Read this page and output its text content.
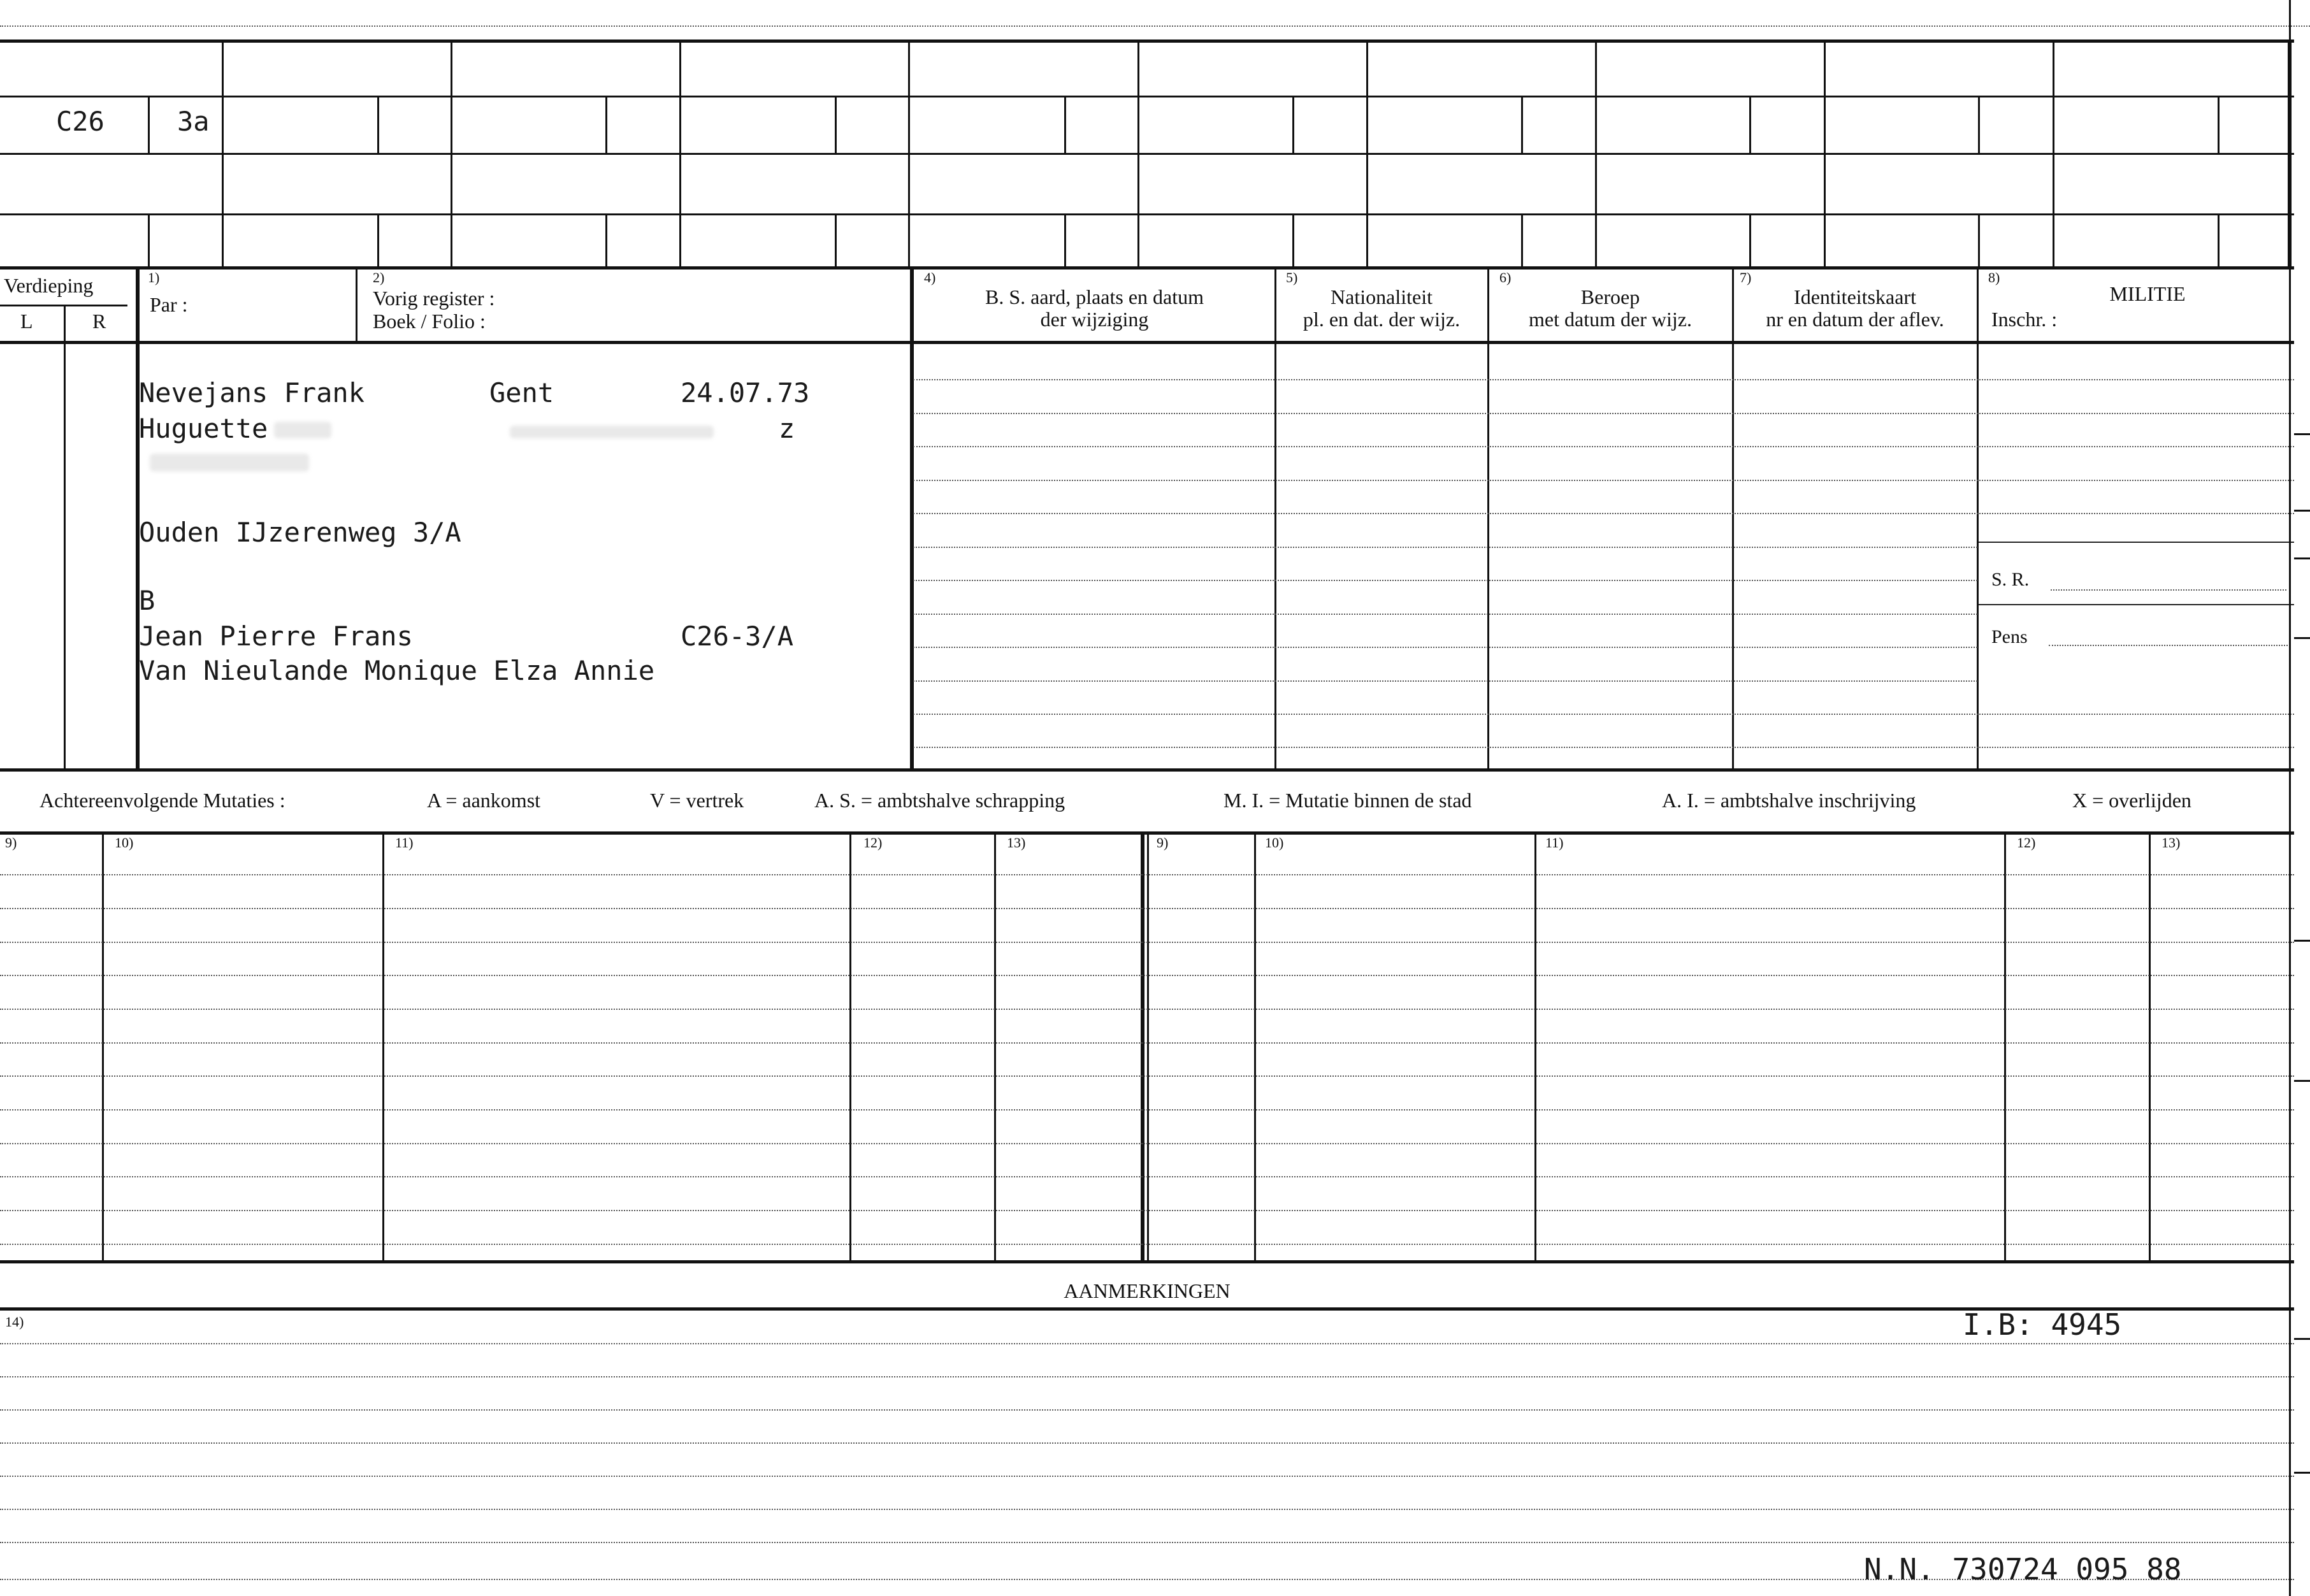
C26	3a
Verdieping
L	R
1)
Par :
2)
Vorig register :
Boek / Folio :
4)
B. S. aard, plaats en datum
der wijziging
5)
Nationaliteit
pl. en dat. der wijz.
6)
Beroep
met datum der wijz.
7)
Identiteitskaart
nr en datum der aflev.
8)
MILITIE
Inschr. :
S. R.
Pens
Nevejans Frank	Gent	24.07.73
Huguette	z
Ouden IJzerenweg 3/A
B
Jean Pierre Frans	C26-3/A
Van Nieulande Monique Elza Annie
Achtereenvolgende Mutaties :	A = aankomst	V = vertrek	A. S. = ambtshalve schrapping	M. I. = Mutatie binnen de stad	A. I. = ambtshalve inschrijving	X = overlijden
9)	10)	11)	12)	13)	9)	10)	11)	12)	13)
AANMERKINGEN
14)	I.B: 4945
N.N. 730724 095 88
